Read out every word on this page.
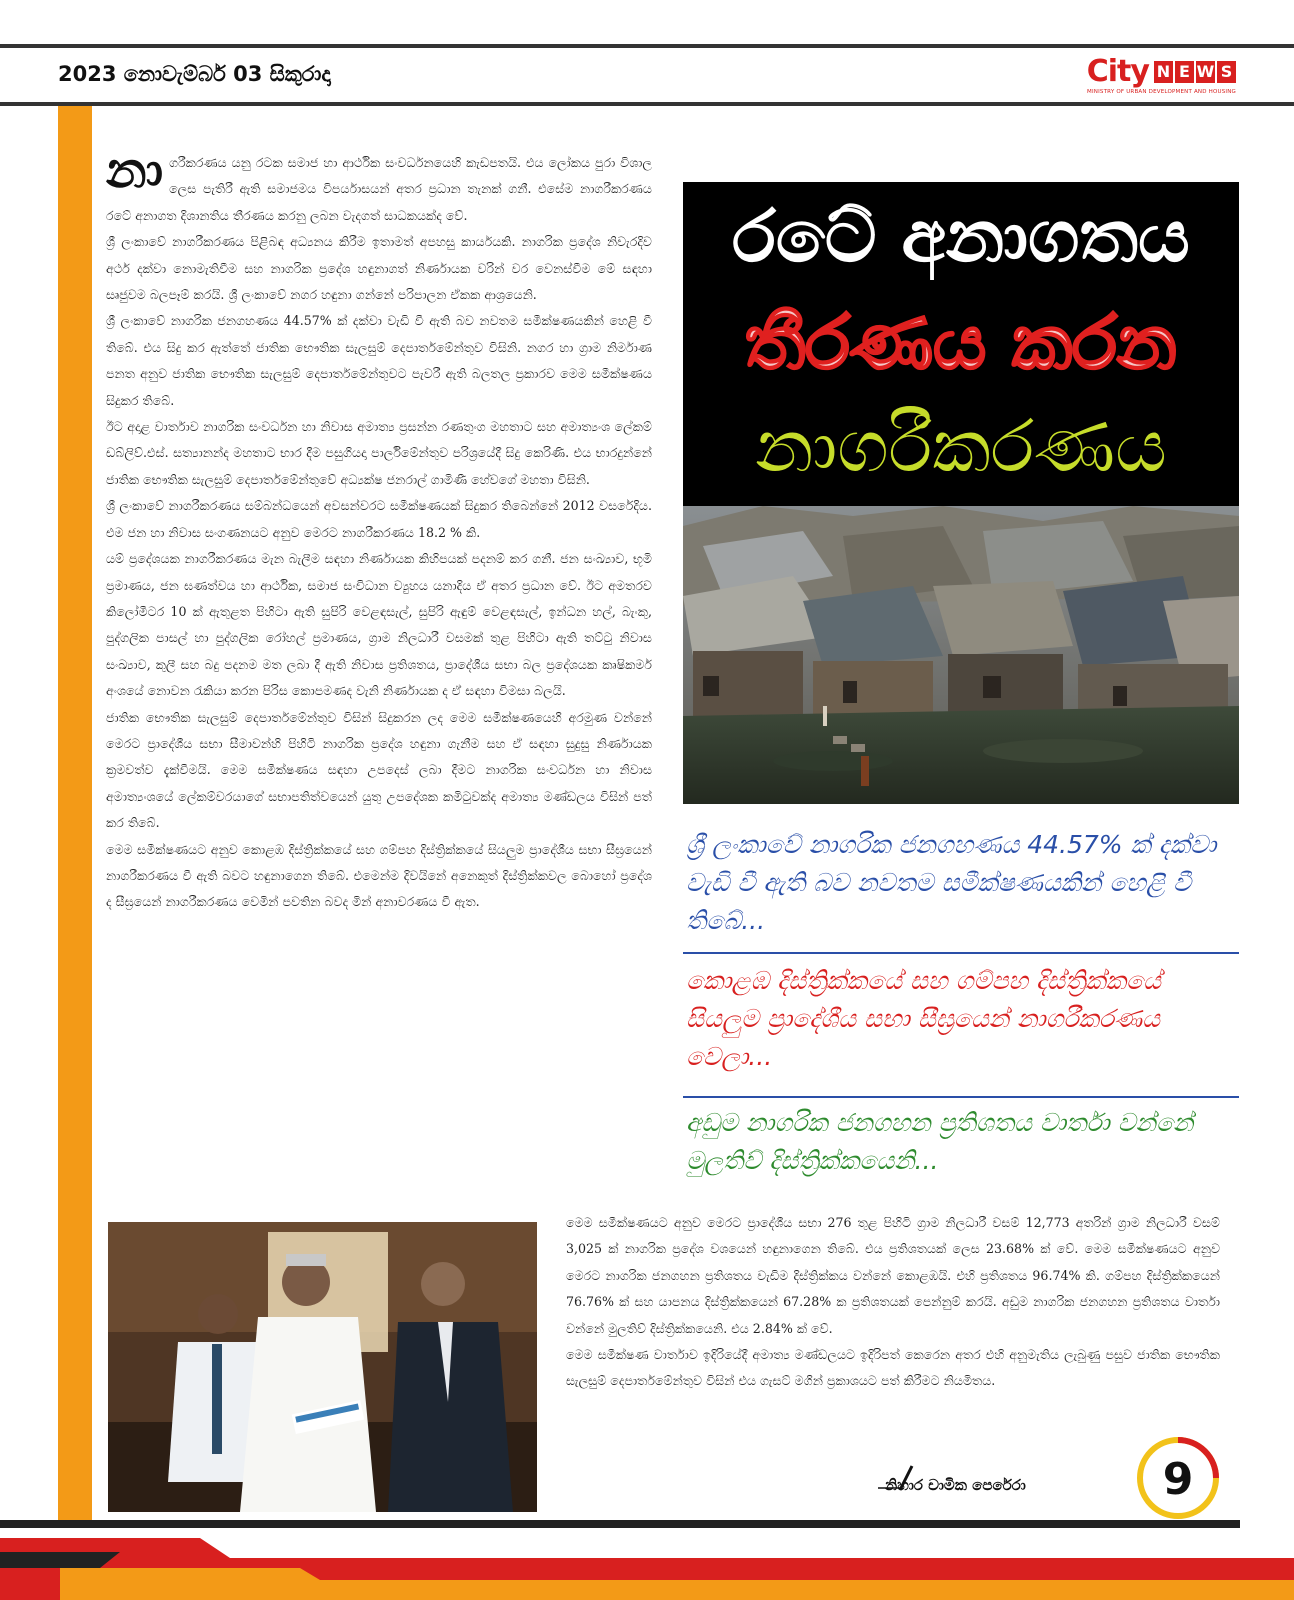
2023 නොවැම්බර් 03 සිකුරාදා	City N E W S
MINISTRY OF URBAN DEVELOPMENT AND HOUSING

නාගරීකරණය යනු රටක සමාජ හා ආර්ථික සංවර්ධනයෙහි කැඩපතයි. එය ලෝකය පුරා විශාල ලෙස පැතිරී ඇති සමාජමය විපර්යාසයන් අතර ප්‍රධාන තැනක් ගනී. එසේම නාගරීකරණය රටේ අනාගත දිශානතිය තීරණය කරනු ලබන වැදගත් සාධකයක්ද වේ.

ශ්‍රී ලංකාවේ නාගරීකරණය පිළිබඳ අධ්‍යනය කිරීම ඉතාමත් අපහසු කාර්යයකි. නාගරික ප්‍රදේශ නිවැරදිව අර්ථ දක්වා නොමැතිවීම සහ නාගරික ප්‍රදේශ හඳුනාගත් නිර්ණායක වරින් වර වෙනස්වීම මේ සඳහා සෘජුවම බලපෑම් කරයි. ශ්‍රී ලංකාවේ නගර හඳුනා ගන්නේ පරිපාලන ඒකක ආශ්‍රයෙනි.

ශ්‍රී ලංකාවේ නාගරික ජනගහණය 44.57% ක් දක්වා වැඩි වී ඇති බව නවතම සමීක්ෂණයකින් හෙළි වී තිබේ. එය සිදු කර ඇත්තේ ජාතික භෞතික සැලසුම් දෙපාර්තමේන්තුව විසිනි. නගර හා ග්‍රාම නිර්මාණ පනත අනුව ජාතික භෞතික සැලසුම් දෙපාර්තමේන්තුවට පැවරී ඇති බලතල ප්‍රකාරව මෙම සමීක්ෂණය සිදුකර තිබේ.

ඊට අදාළ වාර්තාව නාගරික සංවර්ධන හා නිවාස අමාත්‍ය ප්‍රසන්න රණතුංග මහතාට සහ අමාත්‍යංශ ලේකම් ඩබ්ලිව්.එස්. සත්‍යානන්ද මහතාට භාර දීම පසුගියදා පාර්ලිමේන්තුව පරිශ්‍රයේදී සිදු කෙරිණි. එය භාරදුන්නේ ජාතික භෞතික සැලසුම් දෙපාර්තමේන්තුවේ අධ්‍යක්ෂ ජනරාල් ගාමිණී හේවගේ මහතා විසිනි.

ශ්‍රී ලංකාවේ නාගරීකරණය සම්බන්ධයෙන් අවසන්වරට සමීක්ෂණයක් සිදුකර තිබෙන්නේ 2012 වසරේදිය. එම ජන හා නිවාස සංගණනයට අනුව මෙරට නාගරීකරණය 18.2 % කි.

යම් ප්‍රදේශයක නාගරීකරණය මැන බැලීම සඳහා නිර්ණායක කිහිපයක් පදනම් කර ගනී. ජන සංඛ්‍යාව, භූමි ප්‍රමාණය, ජන ඝණත්වය හා ආර්ථික, සමාජ සංවිධාන ව්‍යුහය යනාදිය ඒ අතර ප්‍රධාන වේ. ඊට අමතරව කිලෝමීටර 10 ක් ඇතුළත පිහිටා ඇති සුපිරි වෙළඳසැල්, සුපිරි ඇඳුම් වෙළඳසැල්, ඉන්ධන හල්, බැංකු, පුද්ගලික පාසල් හා පුද්ගලික රෝහල් ප්‍රමාණය, ග්‍රාම නිලධාරී වසමක් තුළ පිහිටා ඇති තට්ටු නිවාස සංඛ්‍යාව, කුලී සහ බදු පදනම මත ලබා දී ඇති නිවාස ප්‍රතිශතය, ප්‍රාදේශීය සභා බල ප්‍රදේශයක කෘෂිකර්ම අංශයේ නොවන රැකියා කරන පිරිස කොපමණද වැනි නිර්ණායක ද ඒ සඳහා විමසා බලයි.

ජාතික භෞතික සැලසුම් දෙපාර්තමේන්තුව විසින් සිදුකරන ලද මෙම සමීක්ෂණයෙහි අරමුණ වන්නේ මෙරට ප්‍රාදේශීය සභා සීමාවන්හි පිහිටි නාගරික ප්‍රදේශ හඳුනා ගැනීම සහ ඒ සඳහා සුදුසු නිර්ණායක ක්‍රමවත්ව දැක්වීමයි. මෙම සමීක්ෂණය සඳහා උපදෙස් ලබා දීමට නාගරික සංවර්ධන හා නිවාස අමාත්‍යංශයේ ලේකම්වරයාගේ සභාපතිත්වයෙන් යුතු උපදේශක කමිටුවක්ද අමාත්‍ය මණ්ඩලය විසින් පත් කර තිබේ.

මෙම සමීක්ෂණයට අනුව කොළඹ දිස්ත්‍රික්කයේ සහ ගම්පහ දිස්ත්‍රික්කයේ සියලුම ප්‍රාදේශීය සභා සීඝ්‍රයෙන් නාගරීකරණය වී ඇති බවට හඳුනාගෙන තිබේ. එමෙන්ම දිවයිනේ අනෙකුත් දිස්ත්‍රික්කවල බොහෝ ප්‍රදේශ ද සීඝ්‍රයෙන් නාගරීකරණය වෙමින් පවතින බවද මින් අනාවරණය වී ඇත.

රටේ අනාගතය
තීරණය කරන
නාගරීකරණය
ශ්‍රී ලංකාවේ නාගරික ජනගහණය 44.57% ක් දක්වා වැඩි වී ඇති බව නවතම සමීක්ෂණයකින් හෙළි වී තිබේ...
කොළඹ දිස්ත්‍රික්කයේ සහ ගම්පහ දිස්ත්‍රික්කයේ සියලුම ප්‍රාදේශීය සභා සීඝ්‍රයෙන් නාගරීකරණය වෙලා...
අඩුම නාගරික ජනගහන ප්‍රතිශතය වාර්තා වන්නේ මුලතිව් දිස්ත්‍රික්කයෙනි...

මෙම සමීක්ෂණයට අනුව මෙරට ප්‍රාදේශීය සභා 276 තුළ පිහිටි ග්‍රාම නිලධාරී වසම් 12,773 අතරින් ග්‍රාම නිලධාරී වසම් 3,025 ක් නාගරික ප්‍රදේශ වශයෙන් හඳුනාගෙන තිබේ. එය ප්‍රතිශතයක් ලෙස 23.68% ක් වේ. මෙම සමීක්ෂණයට අනුව මෙරට නාගරික ජනගහන ප්‍රතිශතය වැඩිම දිස්ත්‍රික්කය වන්නේ කොළඹයි. එහි ප්‍රතිශතය 96.74% කි. ගම්පහ දිස්ත්‍රික්කයෙන් 76.76% ක් සහ යාපනය දිස්ත්‍රික්කයෙන් 67.28% ක ප්‍රතිශතයක් පෙන්නුම් කරයි. අඩුම නාගරික ජනගහන ප්‍රතිශතය වාර්තා වන්නේ මුලතිව් දිස්ත්‍රික්කයෙනි. එය 2.84% ක් වේ.

මෙම සමීක්ෂණ වාර්තාව ඉදිරියේදී අමාත්‍ය මණ්ඩලයට ඉදිරිපත් කෙරෙන අතර එහි අනුමැතිය ලැබුණු පසුව ජාතික භෞතික සැලසුම් දෙපාර්තමේන්තුව විසින් එය ගැසට් මගින් ප්‍රකාශයට පත් කිරීමට නියමිතය.

නිහාර චාමික පෙරේරා	9
